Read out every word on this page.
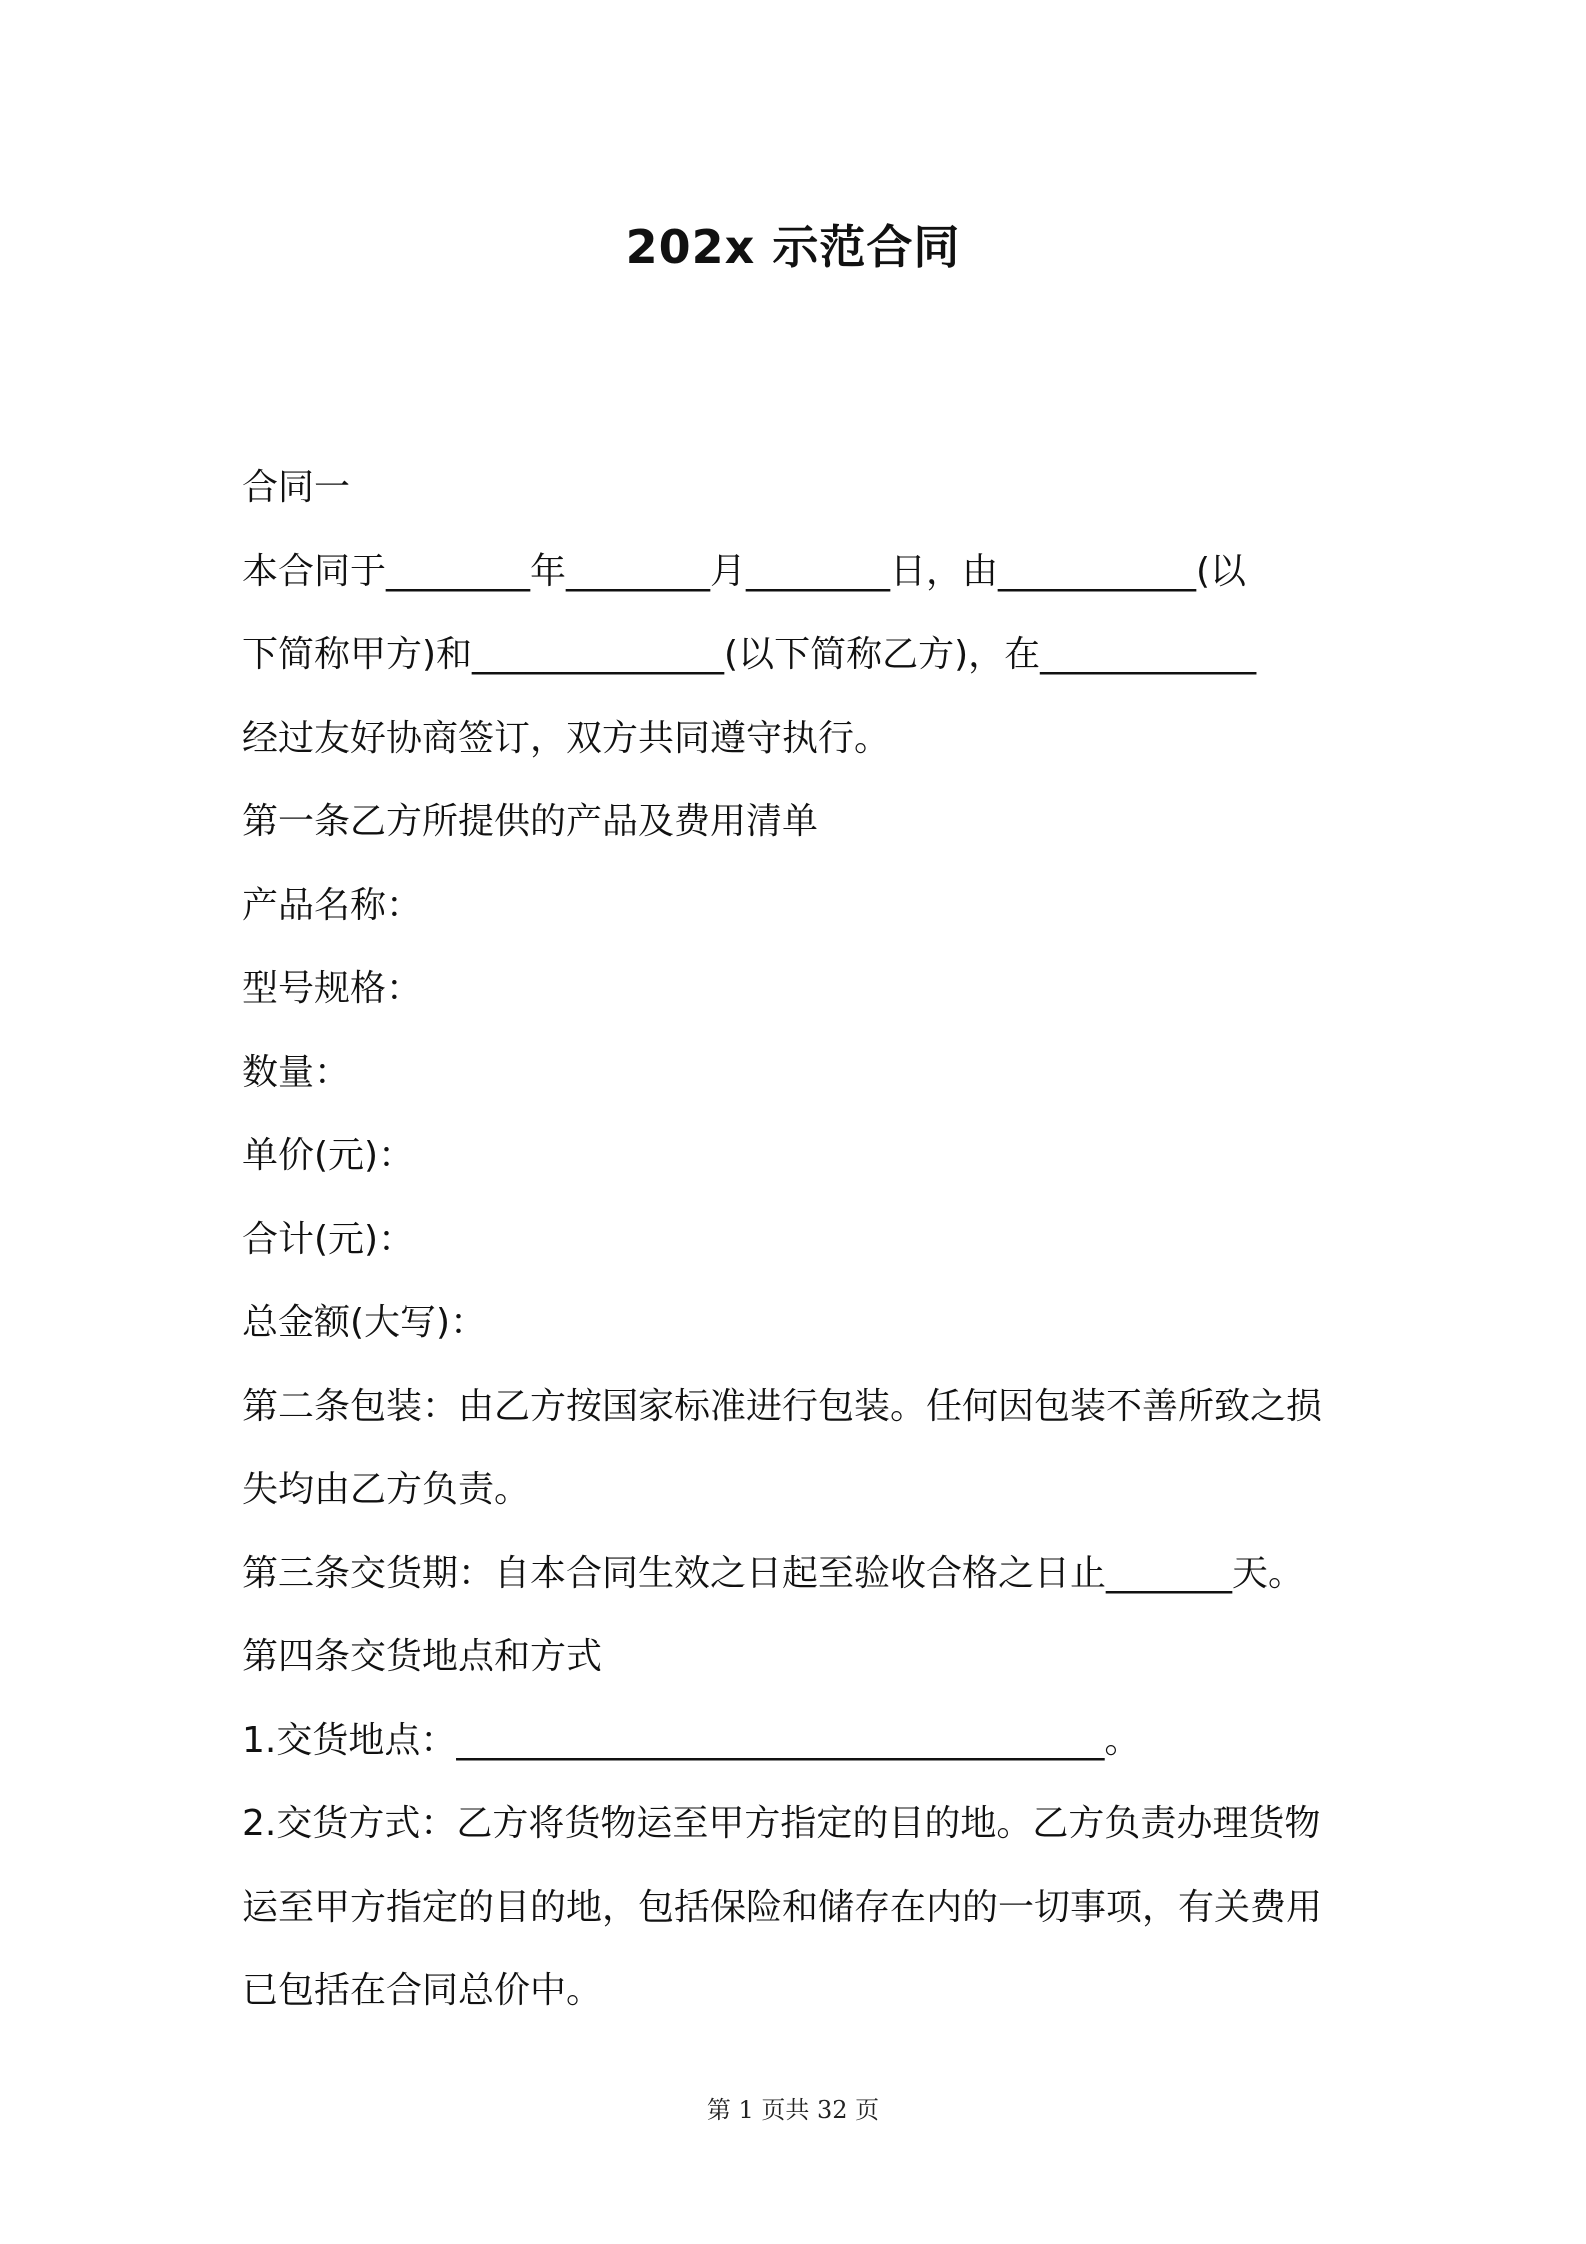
202x 示范合同

合同一

本合同于________年________月________日，由___________(以

下简称甲方)和______________(以下简称乙方)，在____________

经过友好协商签订，双方共同遵守执行。

第一条乙方所提供的产品及费用清单

产品名称：

型号规格：

数量：

单价(元)：

合计(元)：

总金额(大写)：

第二条包装：由乙方按国家标准进行包装。任何因包装不善所致之损

失均由乙方负责。

第三条交货期：自本合同生效之日起至验收合格之日止_______天。

第四条交货地点和方式

1.交货地点：____________________________________。

2.交货方式：乙方将货物运至甲方指定的目的地。乙方负责办理货物

运至甲方指定的目的地，包括保险和储存在内的一切事项，有关费用

已包括在合同总价中。

第 1 页共 32 页
